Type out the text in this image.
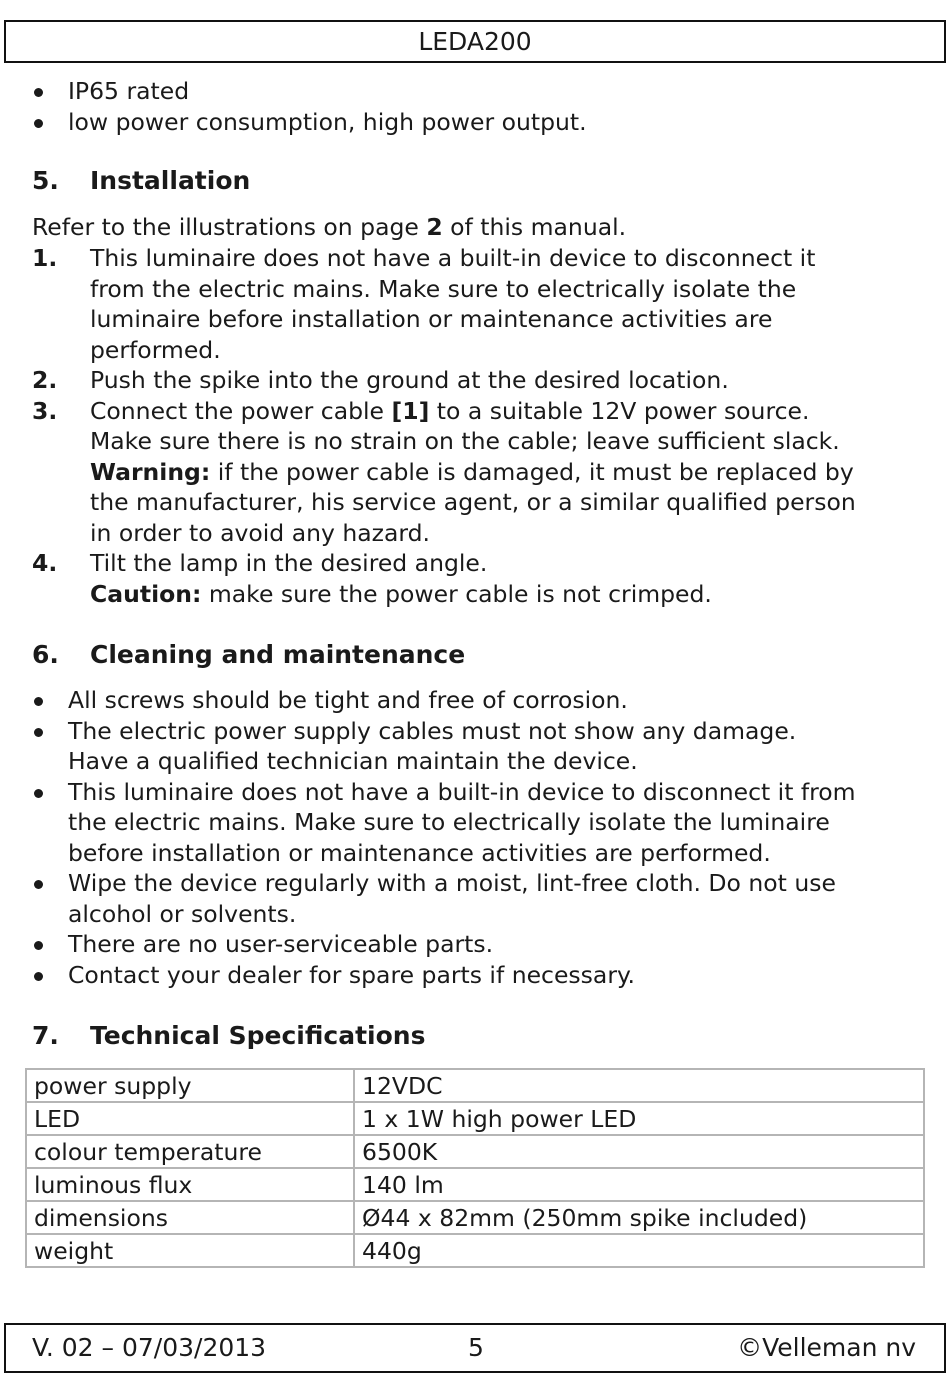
LEDA200
IP65 rated
low power consumption, high power output.
5. Installation
Refer to the illustrations on page 2 of this manual.
1. This luminaire does not have a built-in device to disconnect it
from the electric mains. Make sure to electrically isolate the
luminaire before installation or maintenance activities are
performed.
2. Push the spike into the ground at the desired location.
3. Connect the power cable [1] to a suitable 12V power source.
Make sure there is no strain on the cable; leave sufficient slack.
Warning: if the power cable is damaged, it must be replaced by
the manufacturer, his service agent, or a similar qualified person
in order to avoid any hazard.
4. Tilt the lamp in the desired angle.
Caution: make sure the power cable is not crimped.
6. Cleaning and maintenance
All screws should be tight and free of corrosion.
The electric power supply cables must not show any damage.
Have a qualified technician maintain the device.
This luminaire does not have a built-in device to disconnect it from
the electric mains. Make sure to electrically isolate the luminaire
before installation or maintenance activities are performed.
Wipe the device regularly with a moist, lint-free cloth. Do not use
alcohol or solvents.
There are no user-serviceable parts.
Contact your dealer for spare parts if necessary.
7. Technical Specifications
power supply	12VDC
LED	1 x 1W high power LED
colour temperature	6500K
luminous flux	140 lm
dimensions	Ø44 x 82mm (250mm spike included)
weight	440g
V. 02 – 07/03/2013	5	©Velleman nv
